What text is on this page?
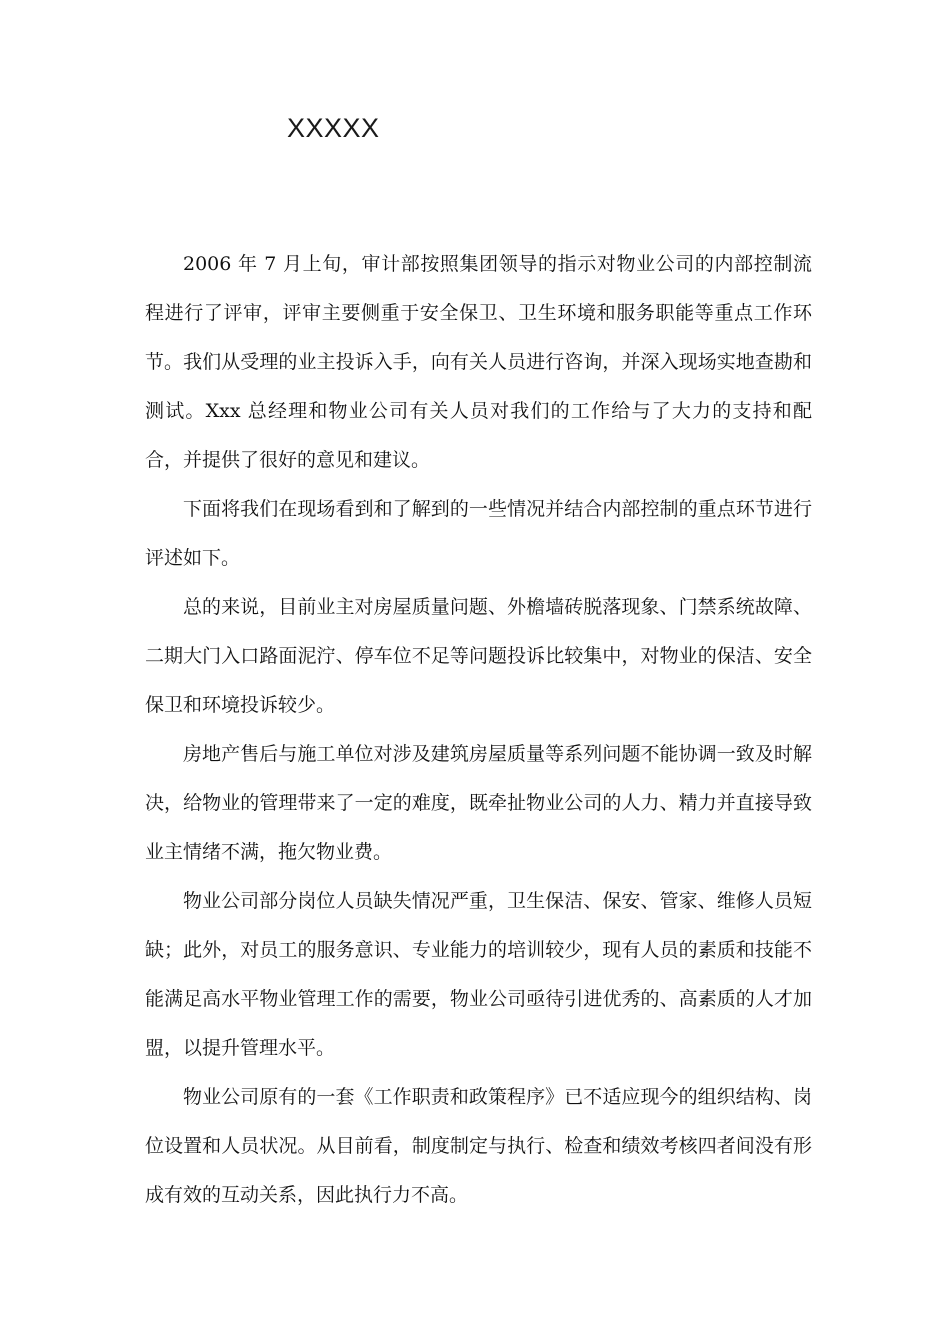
XXXXX

2006 年 7 月上旬，审计部按照集团领导的指示对物业公司的内部控制流程进行了评审，评审主要侧重于安全保卫、卫生环境和服务职能等重点工作环节。我们从受理的业主投诉入手，向有关人员进行咨询，并深入现场实地查勘和测试。Xxx 总经理和物业公司有关人员对我们的工作给与了大力的支持和配合，并提供了很好的意见和建议。

下面将我们在现场看到和了解到的一些情况并结合内部控制的重点环节进行评述如下。

总的来说，目前业主对房屋质量问题、外檐墙砖脱落现象、门禁系统故障、二期大门入口路面泥泞、停车位不足等问题投诉比较集中，对物业的保洁、安全保卫和环境投诉较少。

房地产售后与施工单位对涉及建筑房屋质量等系列问题不能协调一致及时解决，给物业的管理带来了一定的难度，既牵扯物业公司的人力、精力并直接导致业主情绪不满，拖欠物业费。

物业公司部分岗位人员缺失情况严重，卫生保洁、保安、管家、维修人员短缺；此外，对员工的服务意识、专业能力的培训较少，现有人员的素质和技能不能满足高水平物业管理工作的需要，物业公司亟待引进优秀的、高素质的人才加盟，以提升管理水平。

物业公司原有的一套《工作职责和政策程序》已不适应现今的组织结构、岗位设置和人员状况。从目前看，制度制定与执行、检查和绩效考核四者间没有形成有效的互动关系，因此执行力不高。
